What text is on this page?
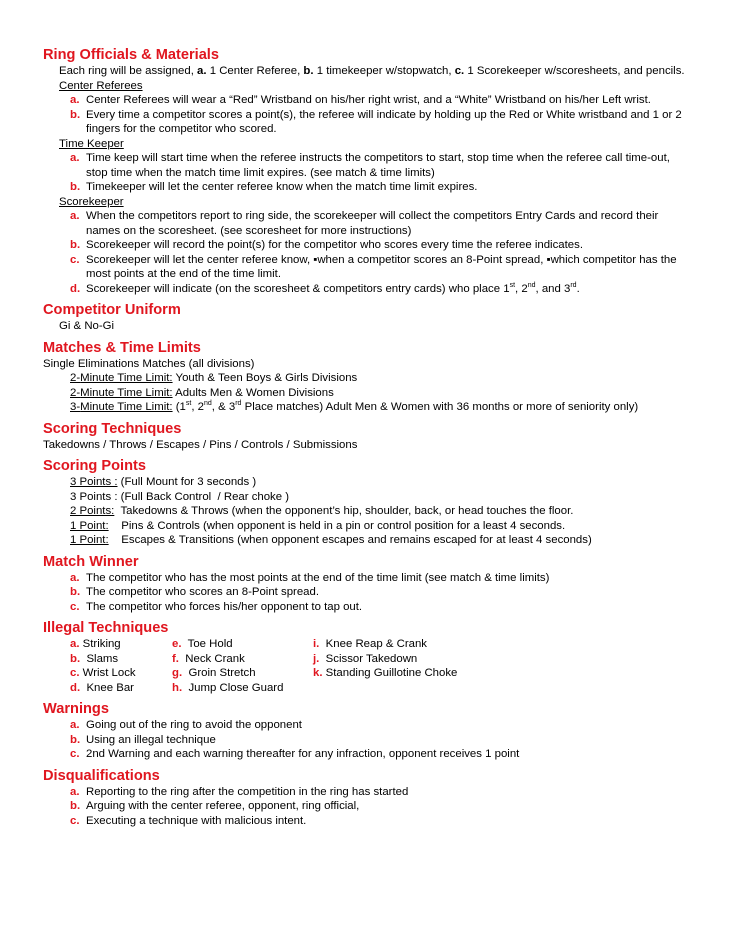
Ring Officials & Materials
Each ring will be assigned, a. 1 Center Referee, b. 1 timekeeper w/stopwatch, c. 1 Scorekeeper w/scoresheets, and pencils.
Center Referees
a. Center Referees will wear a “Red” Wristband on his/her right wrist, and a “White” Wristband on his/her Left wrist.
b. Every time a competitor scores a point(s), the referee will indicate by holding up the Red or White wristband and 1 or 2 fingers for the competitor who scored.
Time Keeper
a. Time keep will start time when the referee instructs the competitors to start, stop time when the referee call time-out, stop time when the match time limit expires. (see match & time limits)
b. Timekeeper will let the center referee know when the match time limit expires.
Scorekeeper
a. When the competitors report to ring side, the scorekeeper will collect the competitors Entry Cards and record their names on the scoresheet. (see scoresheet for more instructions)
b. Scorekeeper will record the point(s) for the competitor who scores every time the referee indicates.
c. Scorekeeper will let the center referee know, ▪when a competitor scores an 8-Point spread, ▪which competitor has the most points at the end of the time limit.
d. Scorekeeper will indicate (on the scoresheet & competitors entry cards) who place 1st, 2nd, and 3rd.
Competitor Uniform
Gi & No-Gi
Matches & Time Limits
Single Eliminations Matches (all divisions)
2-Minute Time Limit: Youth & Teen Boys & Girls Divisions
2-Minute Time Limit: Adults Men & Women Divisions
3-Minute Time Limit: (1st, 2nd, & 3rd Place matches) Adult Men & Women with 36 months or more of seniority only)
Scoring Techniques
Takedowns / Throws / Escapes / Pins / Controls / Submissions
Scoring Points
3 Points : (Full Mount for 3 seconds )
3 Points : (Full Back Control  / Rear choke )
2 Points:  Takedowns & Throws (when the opponent’s hip, shoulder, back, or head touches the floor.
1 Point:    Pins & Controls (when opponent is held in a pin or control position for a least 4 seconds.
1 Point:    Escapes & Transitions (when opponent escapes and remains escaped for at least 4 seconds)
Match Winner
a. The competitor who has the most points at the end of the time limit (see match & time limits)
b. The competitor who scores an 8-Point spread.
c. The competitor who forces his/her opponent to tap out.
Illegal Techniques
a. Striking
b.  Slams
c. Wrist Lock
d.  Knee Bar
e.  Toe Hold
f.  Neck Crank
g.  Groin Stretch
h.  Jump Close Guard
i.  Knee Reap & Crank
j.  Scissor Takedown
k. Standing Guillotine Choke
Warnings
a. Going out of the ring to avoid the opponent
b. Using an illegal technique
c. 2nd Warning and each warning thereafter for any infraction, opponent receives 1 point
Disqualifications
a. Reporting to the ring after the competition in the ring has started
b. Arguing with the center referee, opponent, ring official,
c. Executing a technique with malicious intent.
